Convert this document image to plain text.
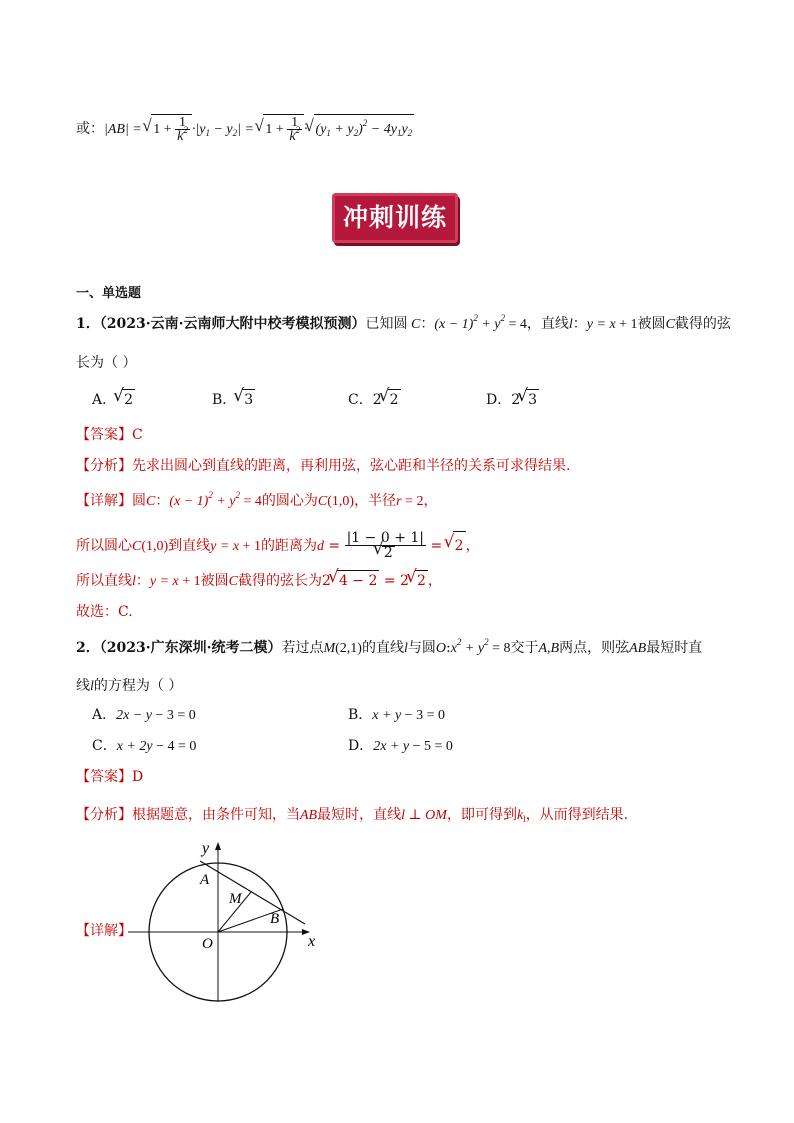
或：|AB| = √ $1 + \frac{1}{k^2} \cdot|y_1 - y_2|$ = √ $1 + \frac{1}{k^2}$ · √ $(y_1 + y_2)^2 - 4y_1y_2$
冲刺训练
一、单选题
1．（2023·云南·云南师大附中校考模拟预测）已知圆 C：$(x - 1)^2 + y^2 = 4$，直线l：y = x + 1被圆C截得的弦
长为（ ）
A． √ 2	B． √ 3	C．2 √ 2	D．2 √ 3
【答案】C
【分析】先求出圆心到直线的距离，再利用弦，弦心距和半径的关系可求得结果.
【详解】圆C：$(x - 1)^2 + y^2 = 4$的圆心为C(1,0)，半径r = 2，
所以圆心C(1,0)到直线y = x + 1的距离为d = |1 − 0 + 1|
√ 2 = √ 2 ，
所以直线l：y = x + 1被圆C截得的弦长为2 √ 4 − 2 = 2 √ 2 ，
故选：C.
2．（2023·广东深圳·统考二模）若过点M(2,1)的直线l与圆$O:x^2 + y^2 = 8$交于A,B两点，则弦AB最短时直
线l的方程为（ ）
A．2x − y − 3 = 0	B．x + y − 3 = 0
C．x + 2y − 4 = 0	D．2x + y − 5 = 0
【答案】D
【分析】根据题意，由条件可知，当AB最短时，直线l ⊥ OM，即可得到$k_l$，从而得到结果.
【详解】
y
x
O
A
M
B
